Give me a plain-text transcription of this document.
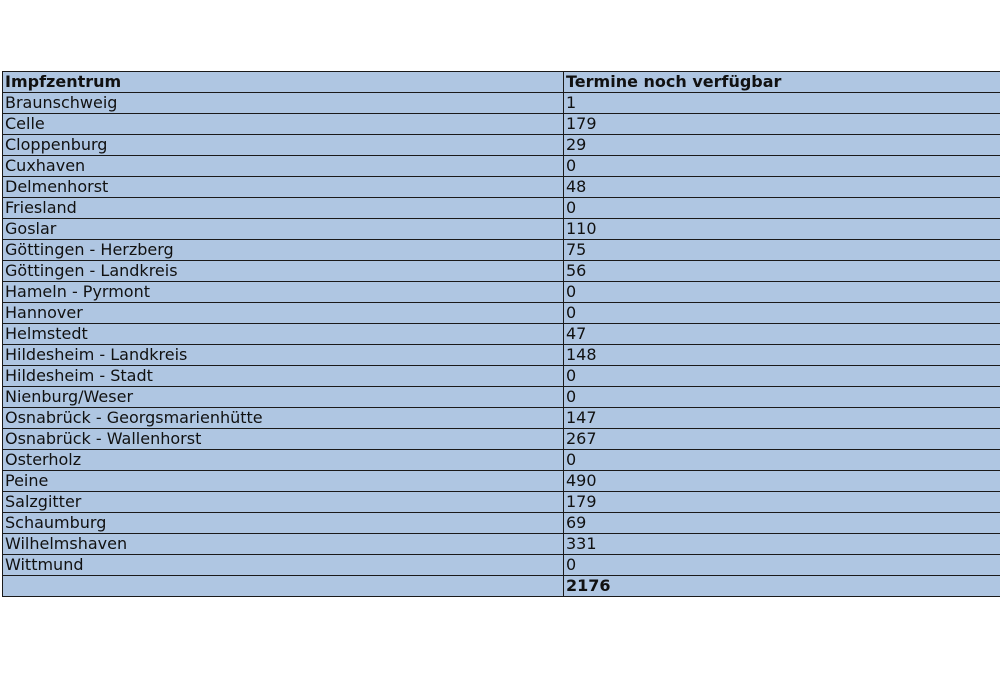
Impfzentrum	Termine noch verfügbar
Braunschweig	1
Celle	179
Cloppenburg	29
Cuxhaven	0
Delmenhorst	48
Friesland	0
Goslar	110
Göttingen - Herzberg	75
Göttingen - Landkreis	56
Hameln - Pyrmont	0
Hannover	0
Helmstedt	47
Hildesheim - Landkreis	148
Hildesheim - Stadt	0
Nienburg/Weser	0
Osnabrück - Georgsmarienhütte	147
Osnabrück - Wallenhorst	267
Osterholz	0
Peine	490
Salzgitter	179
Schaumburg	69
Wilhelmshaven	331
Wittmund	0
	2176
